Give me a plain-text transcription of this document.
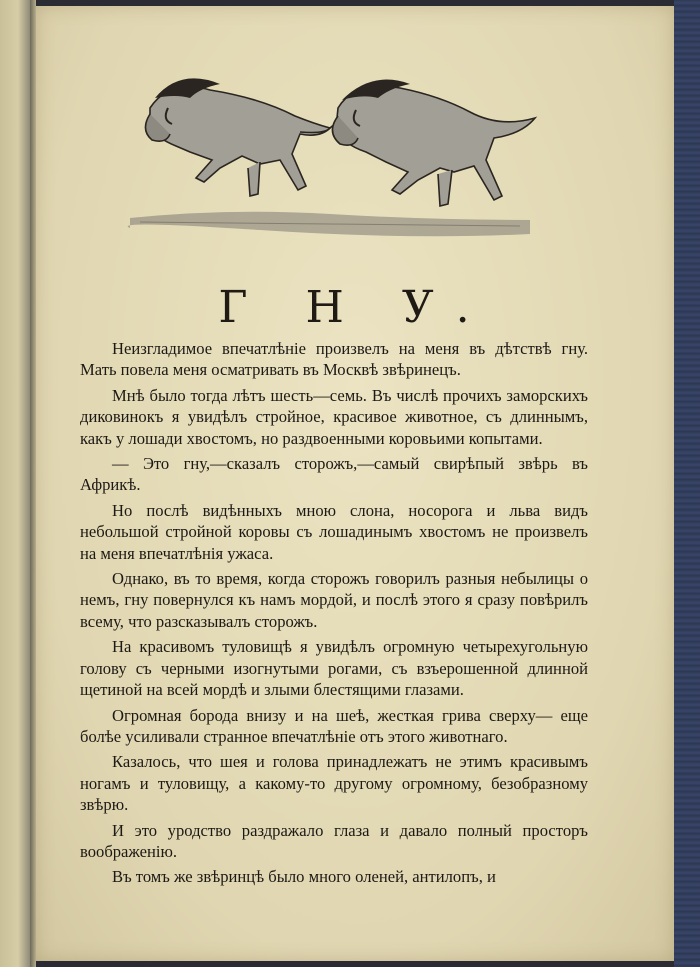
Г Н У.

Неизгладимое впечатлѣніе произвелъ на меня въ дѣтствѣ гну. Мать повела меня осматривать въ Москвѣ звѣринецъ.

Мнѣ было тогда лѣтъ шесть—семь. Въ числѣ прочихъ заморскихъ диковинокъ я увидѣлъ стройное, красивое животное, съ длиннымъ, какъ у лошади хвостомъ, но раздвоенными коровьими копытами.

— Это гну,—сказалъ сторожъ,—самый свирѣпый звѣрь въ Африкѣ.

Но послѣ видѣнныхъ мною слона, носорога и льва видъ небольшой стройной коровы съ лошадинымъ хвостомъ не произвелъ на меня впечатлѣнія ужаса.

Однако, въ то время, когда сторожъ говорилъ разныя небылицы о немъ, гну повернулся къ намъ мордой, и послѣ этого я сразу повѣрилъ всему, что разсказывалъ сторожъ.

На красивомъ туловищѣ я увидѣлъ огромную четырехугольную голову съ черными изогнутыми рогами, съ взъерошенной длинной щетиной на всей мордѣ и злыми блестящими глазами.

Огромная борода внизу и на шеѣ, жесткая грива сверху— еще болѣе усиливали странное впечатлѣніе отъ этого животнаго.

Казалось, что шея и голова принадлежатъ не этимъ красивымъ ногамъ и туловищу, а какому-то другому огромному, безобразному звѣрю.

И это уродство раздражало глаза и давало полный просторъ воображенію.

Въ томъ же звѣринцѣ было много оленей, антилопъ, и
